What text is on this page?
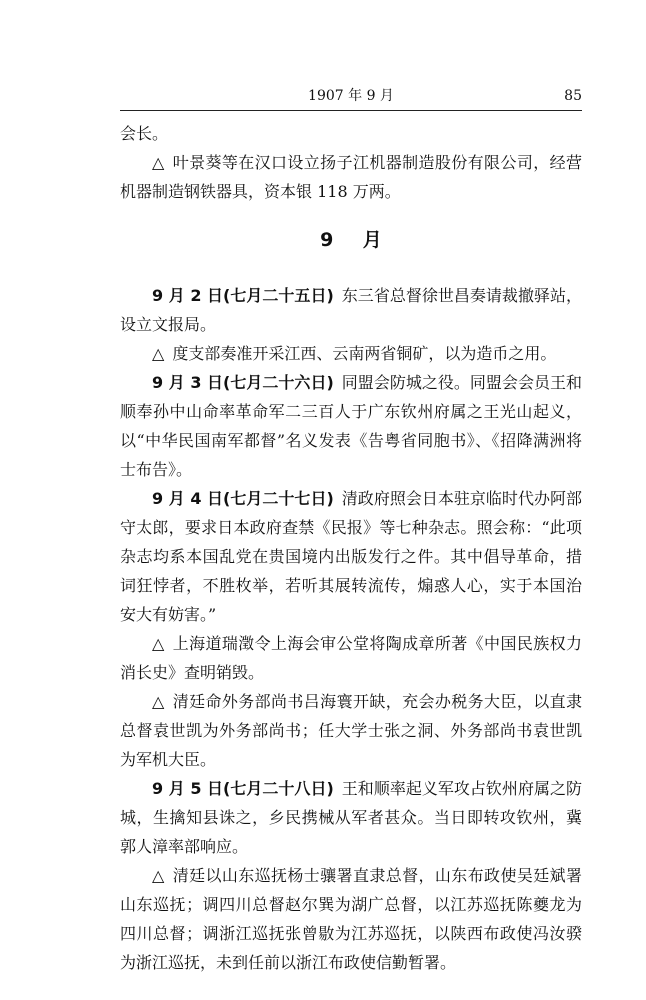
1907 年 9 月	85

会长。

△ 叶景葵等在汉口设立扬子江机器制造股份有限公司，经营机器制造钢铁器具，资本银 118 万两。

9 月

9 月 2 日(七月二十五日)  东三省总督徐世昌奏请裁撤驿站，设立文报局。

△ 度支部奏准开采江西、云南两省铜矿，以为造币之用。

9 月 3 日(七月二十六日)  同盟会防城之役。同盟会会员王和顺奉孙中山命率革命军二三百人于广东钦州府属之王光山起义，以“中华民国南军都督”名义发表《告粤省同胞书》、《招降满洲将士布告》。

9 月 4 日(七月二十七日)  清政府照会日本驻京临时代办阿部守太郎，要求日本政府查禁《民报》等七种杂志。照会称：“此项杂志均系本国乱党在贵国境内出版发行之件。其中倡导革命，措词狂悖者，不胜枚举，若听其展转流传，煽惑人心，实于本国治安大有妨害。”

△ 上海道瑞澂令上海会审公堂将陶成章所著《中国民族权力消长史》查明销毁。

△ 清廷命外务部尚书吕海寰开缺，充会办税务大臣，以直隶总督袁世凯为外务部尚书；任大学士张之洞、外务部尚书袁世凯为军机大臣。

9 月 5 日(七月二十八日)  王和顺率起义军攻占钦州府属之防城，生擒知县诛之，乡民携械从军者甚众。当日即转攻钦州，冀郭人漳率部响应。

△ 清廷以山东巡抚杨士骧署直隶总督，山东布政使吴廷斌署山东巡抚；调四川总督赵尔巽为湖广总督，以江苏巡抚陈夔龙为四川总督；调浙江巡抚张曾敭为江苏巡抚，以陕西布政使冯汝骙为浙江巡抚，未到任前以浙江布政使信勤暂署。
